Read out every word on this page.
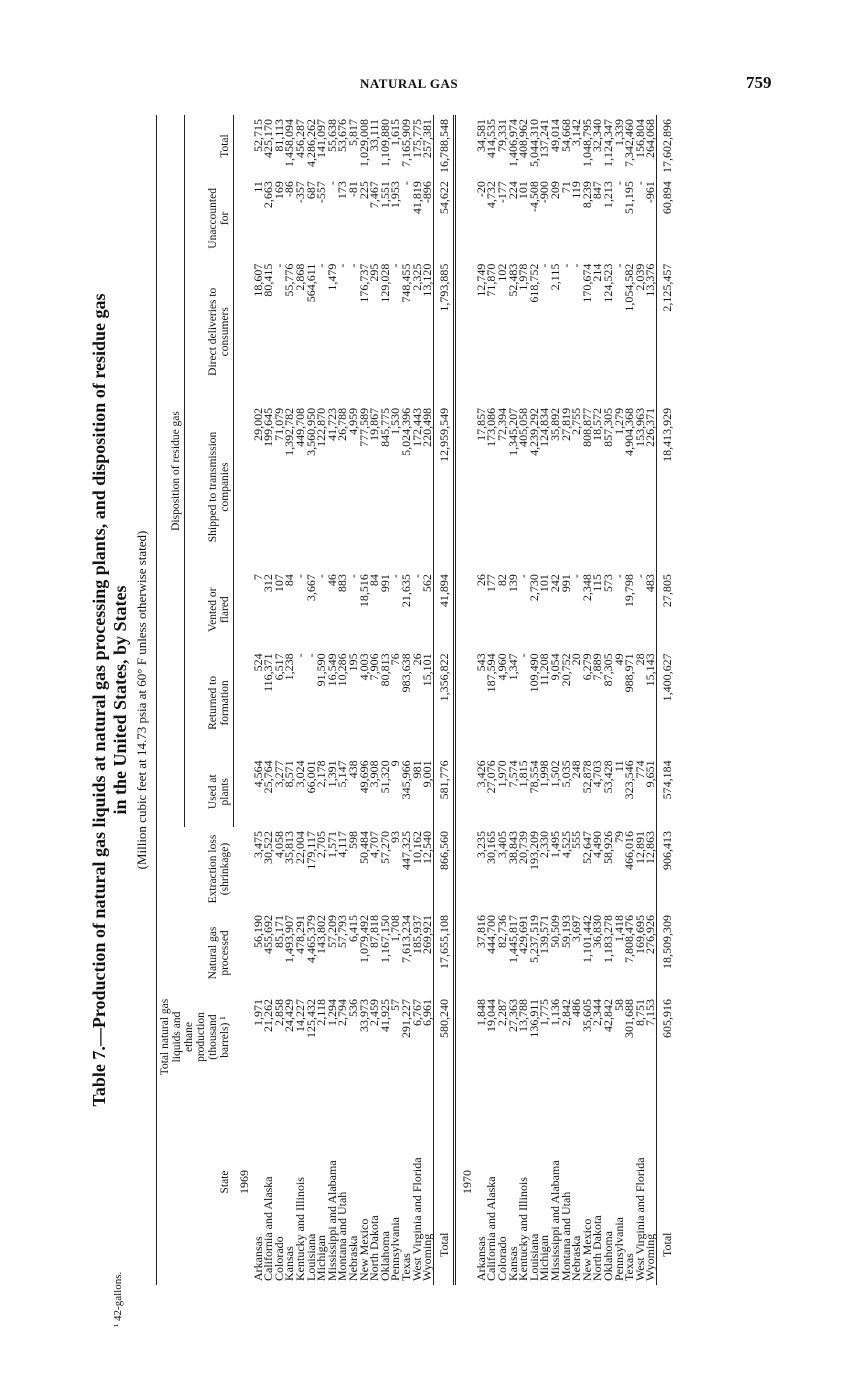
NATURAL GAS	759
Table 7.—Production of natural gas liquids at natural gas processing plants, and disposition of residue gas in the United States, by States (Million cubic feet at 14.73 psia at 60° F unless otherwise stated)
State	Total natural gas liquids and ethane production (thousand barrels) ¹	Natural gas processed	Extraction loss (shrinkage)	Disposition of residue gas						
				Used at plants	Returned to formation	Vented or flared	Shipped to transmission companies	Direct deliveries to consumers	Unaccounted for	Total
1969										
Arkansas	1,971	56,190	3,475	4,564	524	7	29,002	18,607	11	52,715
California and Alaska	21,262	455,692	30,522	25,764	116,371	312	199,645	80,415	2,663	425,170
Colorado	2,858	85,171	4,058	3,277	6,517	107	71,079	-	169	81,113
Kansas	24,429	1,493,907	35,813	8,571	1,238	84	1,392,782	55,776	-86	1,458,094
Kentucky and Illinois	14,227	478,291	22,004	3,024	-	-	449,708	2,868	-357	456,287
Louisiana	125,432	4,465,379	179,117	66,001	-	3,667	3,560,950	564,611	687	4,286,262
Michigan	2,118	143,802	2,705	2,178	91,590	-	122,870	-	-557	141,097
Mississippi and Alabama	1,294	57,209	1,571	1,391	16,549	46	41,723	1,479	-	55,638
Montana and Utah	2,794	57,793	4,117	5,147	10,286	883	26,788	-	173	53,676
Nebraska	536	6,415	598	438	195	-	4,959	-	-81	5,817
New Mexico	33,973	1,079,492	50,484	49,696	4,003	18,516	777,589	176,737	225	1,029,008
North Dakota	2,459	87,818	4,707	3,908	7,906	84	19,867	295	7,467	33,111
Oklahoma	41,925	1,167,150	57,270	51,320	80,813	991	845,775	129,028	1,551	1,109,880
Pennsylvania	57	1,708	93	9	76	-	1,530	-	1,953	1,615
Texas	291,227	7,613,234	447,325	345,966	983,638	21,635	5,024,396	748,455	-	7,165,909
West Virginia and Florida	6,767	185,937	10,162	981	26	-	172,443	2,325	41,819	175,775
Wyoming	6,961	269,921	12,540	9,001	15,101	562	220,498	13,120	-896	257,381
Total	580,240	17,655,108	866,560	581,776	1,356,822	41,894	12,959,549	1,793,885	54,622	16,788,548
1970										
Arkansas	1,848	37,816	3,235	3,426	543	26	17,857	12,749	-20	34,581
California and Alaska	19,044	444,700	30,165	27,076	187,594	177	173,086	71,870	4,732	414,535
Colorado	2,287	82,736	3,405	1,970	4,960	82	72,394	102	-177	79,331
Kansas	27,363	1,445,817	38,843	7,574	1,347	139	1,345,207	52,483	224	1,406,974
Kentucky and Illinois	13,788	429,691	20,739	1,815	-	-	405,058	1,978	101	408,962
Louisiana	136,911	5,237,519	193,209	78,554	109,490	2,730	4,239,292	618,752	-4,508	5,044,310
Michigan	1,775	139,571	2,330	1,998	11,208	101	124,834	-	-900	137,241
Mississippi and Alabama	1,136	50,509	1,495	1,502	9,054	242	35,892	2,115	209	49,014
Montana and Utah	2,842	59,193	4,525	5,035	20,752	991	27,819	-	71	54,668
Nebraska	486	3,697	555	248	20	-	2,755	-	119	3,142
New Mexico	35,605	1,101,442	52,647	52,878	6,279	2,348	808,877	170,674	8,239	1,048,795
North Dakota	2,344	36,830	4,490	4,703	7,889	115	18,572	214	847	32,340
Oklahoma	42,842	1,183,278	58,926	53,428	87,305	573	857,305	124,523	1,213	1,124,347
Pennsylvania	58	1,418	79	11	49	-	1,279	-	-	1,339
Texas	301,688	7,808,476	466,016	323,546	988,971	19,798	4,904,368	1,054,582	51,195	7,342,460
West Virginia and Florida	8,751	169,695	12,891	774	28	-	153,963	2,039	-	156,804
Wyoming	7,153	276,926	12,863	9,651	15,143	483	226,371	13,376	-961	264,068
Total	605,916	18,509,309	906,413	574,184	1,400,627	27,805	18,413,929	2,125,457	60,894	17,602,896
¹ 42-gallons.
